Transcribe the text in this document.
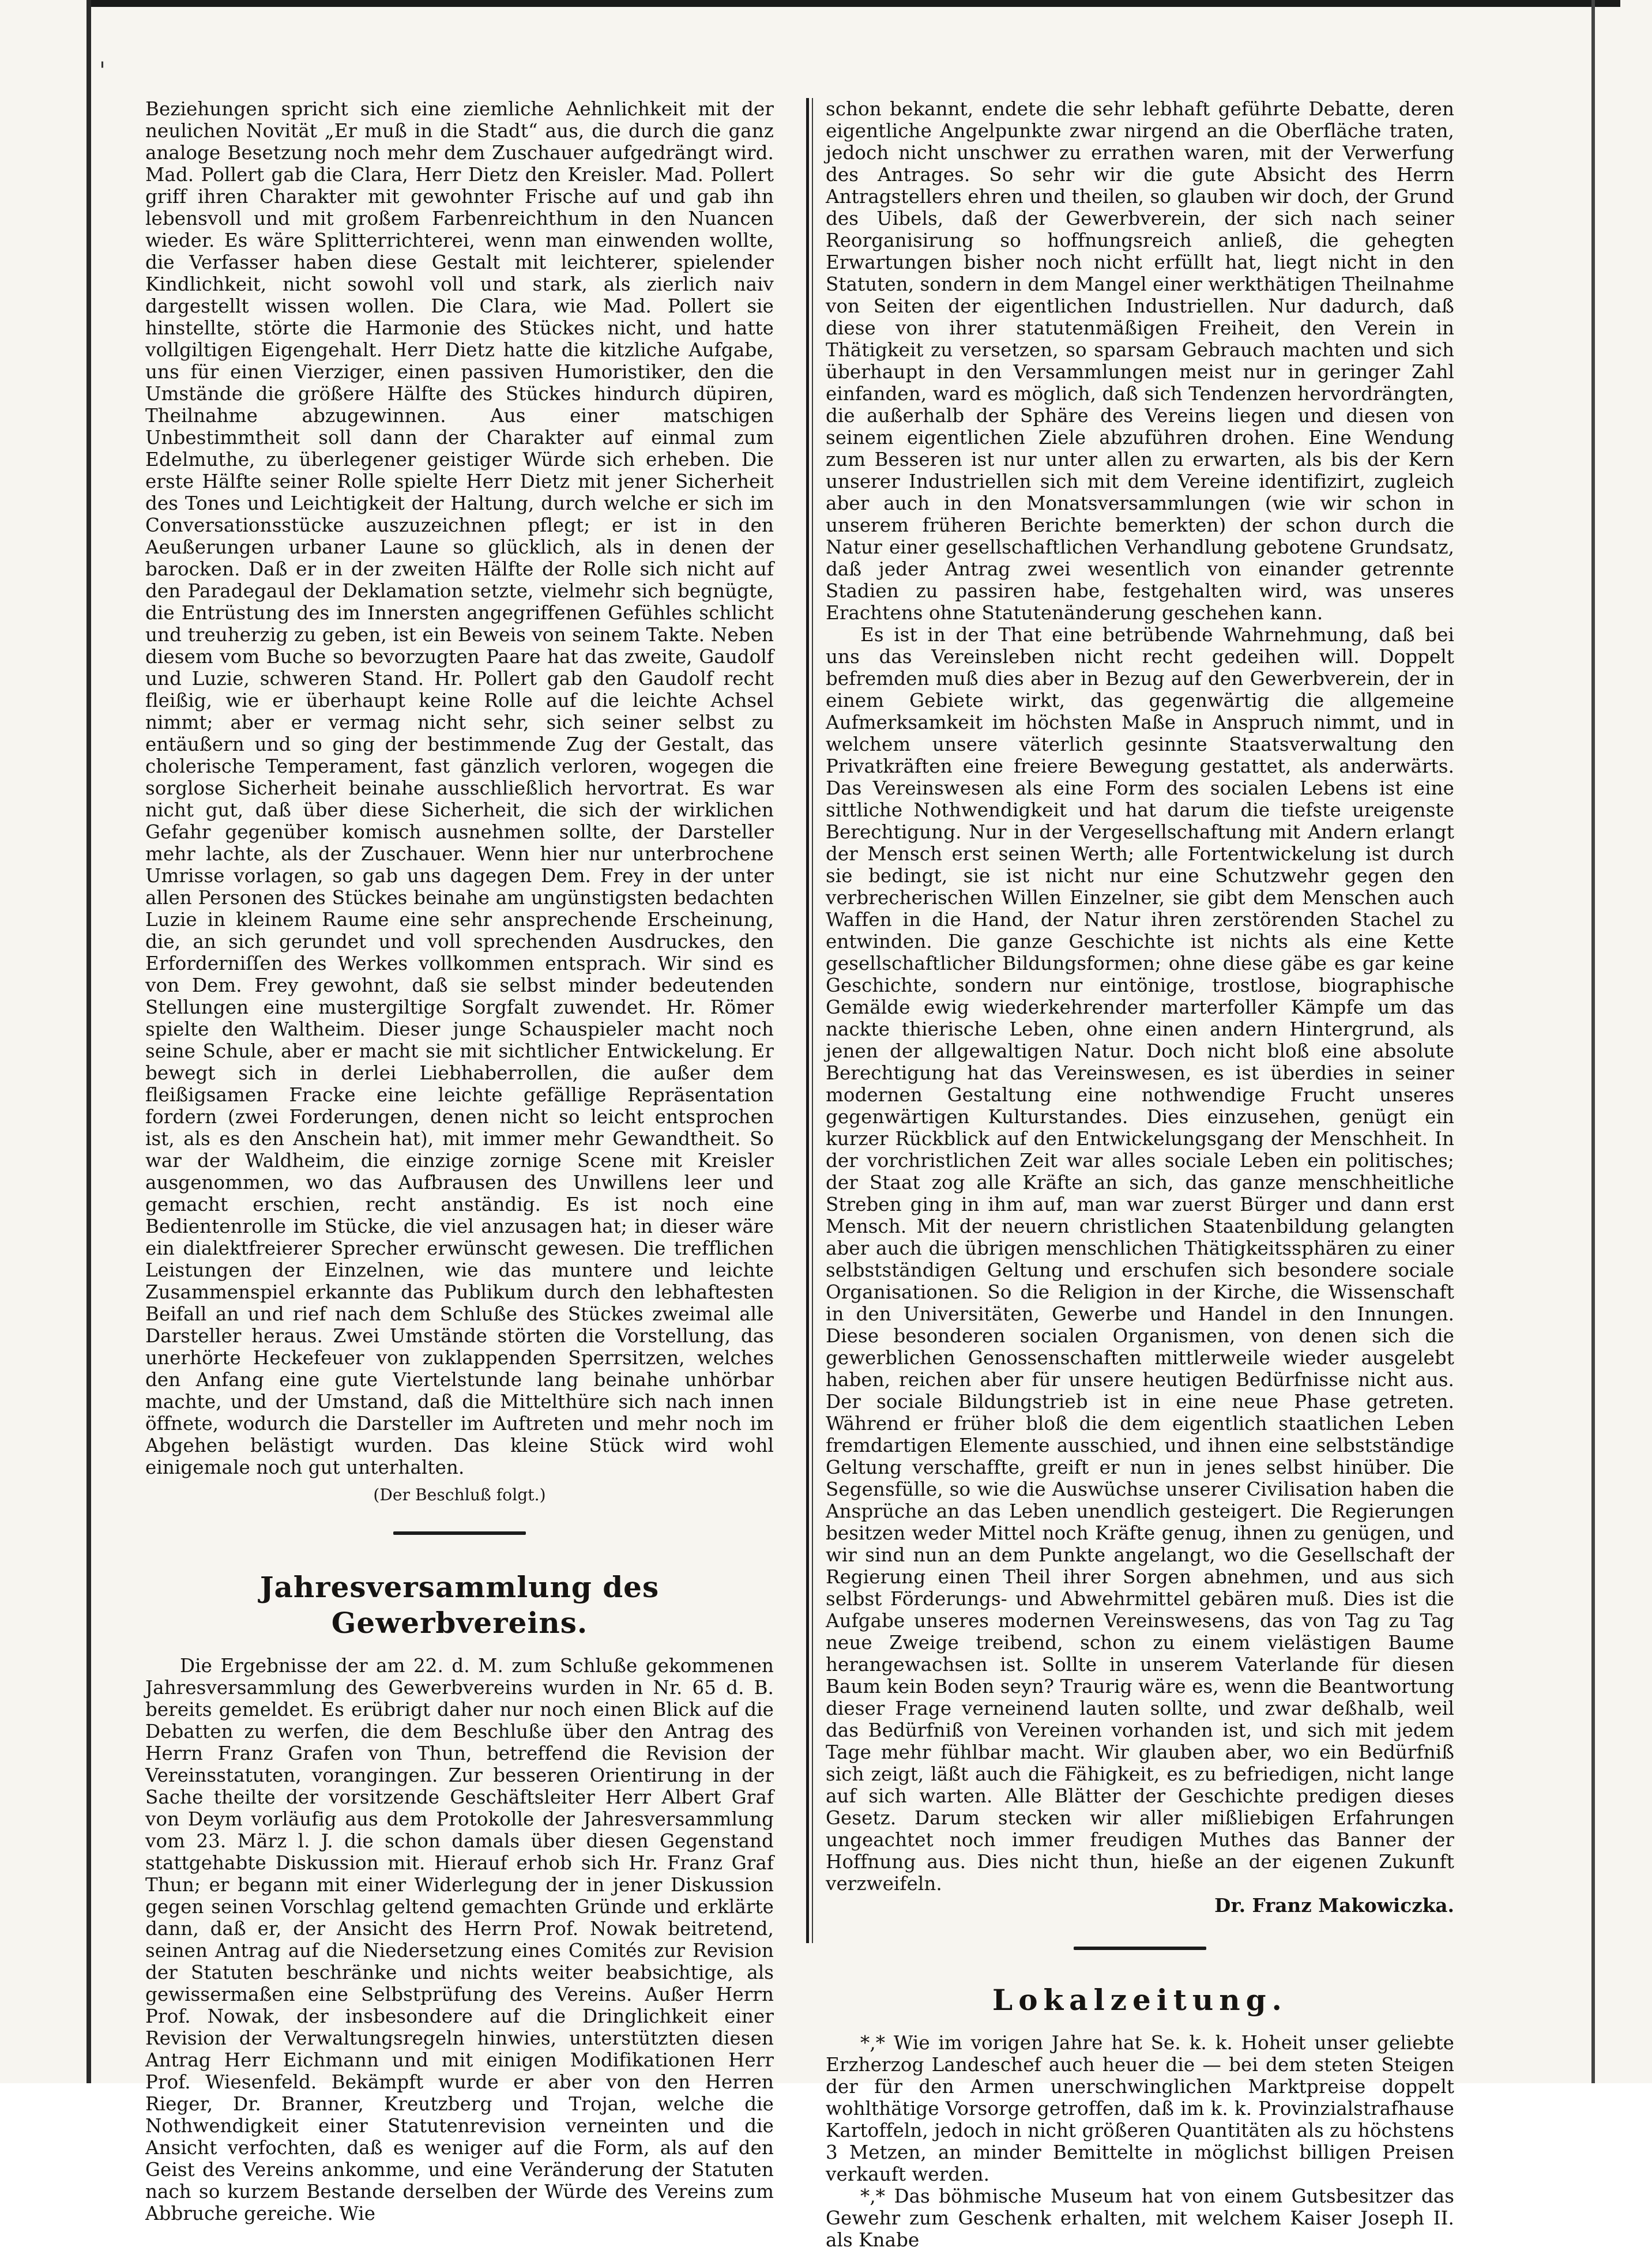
'

Beziehungen spricht sich eine ziemliche Aehnlichkeit mit der neulichen Novität „Er muß in die Stadt“ aus, die durch die ganz analoge Besetzung noch mehr dem Zuschauer aufgedrängt wird. Mad. Pollert gab die Clara, Herr Dietz den Kreisler. Mad. Pollert griff ihren Charakter mit gewohnter Frische auf und gab ihn lebensvoll und mit großem Farbenreichthum in den Nuancen wieder. Es wäre Splitterrichterei, wenn man einwenden wollte, die Verfasser haben diese Gestalt mit leichterer, spielender Kindlichkeit, nicht sowohl voll und stark, als zierlich naiv dargestellt wissen wollen. Die Clara, wie Mad. Pollert sie hinstellte, störte die Harmonie des Stückes nicht, und hatte vollgiltigen Eigengehalt. Herr Dietz hatte die kitzliche Aufgabe, uns für einen Vierziger, einen passiven Humoristiker, den die Umstände die größere Hälfte des Stückes hindurch düpiren, Theilnahme abzugewinnen. Aus einer matschigen Unbestimmtheit soll dann der Charakter auf einmal zum Edelmuthe, zu überlegener geistiger Würde sich erheben. Die erste Hälfte seiner Rolle spielte Herr Dietz mit jener Sicherheit des Tones und Leichtigkeit der Haltung, durch welche er sich im Conversationsstücke auszuzeichnen pflegt; er ist in den Aeußerungen urbaner Laune so glücklich, als in denen der barocken. Daß er in der zweiten Hälfte der Rolle sich nicht auf den Paradegaul der Deklamation setzte, vielmehr sich begnügte, die Entrüstung des im Innersten angegriffenen Gefühles schlicht und treuherzig zu geben, ist ein Beweis von seinem Takte. Neben diesem vom Buche so bevorzugten Paare hat das zweite, Gaudolf und Luzie, schweren Stand. Hr. Pollert gab den Gaudolf recht fleißig, wie er überhaupt keine Rolle auf die leichte Achsel nimmt; aber er vermag nicht sehr, sich seiner selbst zu entäußern und so ging der bestimmende Zug der Gestalt, das cholerische Temperament, fast gänzlich verloren, wogegen die sorglose Sicherheit beinahe ausschließlich hervortrat. Es war nicht gut, daß über diese Sicherheit, die sich der wirklichen Gefahr gegenüber komisch ausnehmen sollte, der Darsteller mehr lachte, als der Zuschauer. Wenn hier nur unterbrochene Umrisse vorlagen, so gab uns dagegen Dem. Frey in der unter allen Personen des Stückes beinahe am ungünstigsten bedachten Luzie in kleinem Raume eine sehr ansprechende Erscheinung, die, an sich gerundet und voll sprechenden Ausdruckes, den Erforderniſſen des Werkes vollkommen entsprach. Wir sind es von Dem. Frey gewohnt, daß sie selbst minder bedeutenden Stellungen eine mustergiltige Sorgfalt zuwendet. Hr. Römer spielte den Waltheim. Dieser junge Schauspieler macht noch seine Schule, aber er macht sie mit sichtlicher Entwickelung. Er bewegt sich in derlei Liebhaberrollen, die außer dem fleißigsamen Fracke eine leichte gefällige Repräsentation fordern (zwei Forderungen, denen nicht so leicht entsprochen ist, als es den Anschein hat), mit immer mehr Gewandtheit. So war der Waldheim, die einzige zornige Scene mit Kreisler ausgenommen, wo das Aufbrausen des Unwillens leer und gemacht erschien, recht anständig. Es ist noch eine Bedientenrolle im Stücke, die viel anzusagen hat; in dieser wäre ein dialektfreierer Sprecher erwünscht gewesen. Die trefflichen Leistungen der Einzelnen, wie das muntere und leichte Zusammenspiel erkannte das Publikum durch den lebhaftesten Beifall an und rief nach dem Schluße des Stückes zweimal alle Darsteller heraus. Zwei Umstände störten die Vorstellung, das unerhörte Heckefeuer von zuklappenden Sperrsitzen, welches den Anfang eine gute Viertelstunde lang beinahe unhörbar machte, und der Umstand, daß die Mittelthüre sich nach innen öffnete, wodurch die Darsteller im Auftreten und mehr noch im Abgehen belästigt wurden. Das kleine Stück wird wohl einigemale noch gut unterhalten.

(Der Beschluß folgt.)
Jahresversammlung des Gewerbvereins.

Die Ergebnisse der am 22. d. M. zum Schluße gekommenen Jahresversammlung des Gewerbvereins wurden in Nr. 65 d. B. bereits gemeldet. Es erübrigt daher nur noch einen Blick auf die Debatten zu werfen, die dem Beschluße über den Antrag des Herrn Franz Grafen von Thun, betreffend die Revision der Vereinsstatuten, vorangingen. Zur besseren Orientirung in der Sache theilte der vorsitzende Geschäftsleiter Herr Albert Graf von Deym vorläufig aus dem Protokolle der Jahresversammlung vom 23. März l. J. die schon damals über diesen Gegenstand stattgehabte Diskussion mit. Hierauf erhob sich Hr. Franz Graf Thun; er begann mit einer Widerlegung der in jener Diskussion gegen seinen Vorschlag geltend gemachten Gründe und erklärte dann, daß er, der Ansicht des Herrn Prof. Nowak beitretend, seinen Antrag auf die Niedersetzung eines Comités zur Revision der Statuten beschränke und nichts weiter beabsichtige, als gewissermaßen eine Selbstprüfung des Vereins. Außer Herrn Prof. Nowak, der insbesondere auf die Dringlichkeit einer Revision der Verwaltungsregeln hinwies, unterstützten diesen Antrag Herr Eichmann und mit einigen Modifikationen Herr Prof. Wiesenfeld. Bekämpft wurde er aber von den Herren Rieger, Dr. Branner, Kreutzberg und Trojan, welche die Nothwendigkeit einer Statutenrevision verneinten und die Ansicht verfochten, daß es weniger auf die Form, als auf den Geist des Vereins ankomme, und eine Veränderung der Statuten nach so kurzem Bestande derselben der Würde des Vereins zum Abbruche gereiche. Wie

schon bekannt, endete die sehr lebhaft geführte Debatte, deren eigentliche Angelpunkte zwar nirgend an die Oberfläche traten, jedoch nicht unschwer zu errathen waren, mit der Verwerfung des Antrages. So sehr wir die gute Absicht des Herrn Antragstellers ehren und theilen, so glauben wir doch, der Grund des Uibels, daß der Gewerbverein, der sich nach seiner Reorganisirung so hoffnungsreich anließ, die gehegten Erwartungen bisher noch nicht erfüllt hat, liegt nicht in den Statuten, sondern in dem Mangel einer werkthätigen Theilnahme von Seiten der eigentlichen Industriellen. Nur dadurch, daß diese von ihrer statutenmäßigen Freiheit, den Verein in Thätigkeit zu versetzen, so sparsam Gebrauch machten und sich überhaupt in den Versammlungen meist nur in geringer Zahl einfanden, ward es möglich, daß sich Tendenzen hervordrängten, die außerhalb der Sphäre des Vereins liegen und diesen von seinem eigentlichen Ziele abzuführen drohen. Eine Wendung zum Besseren ist nur unter allen zu erwarten, als bis der Kern unserer Industriellen sich mit dem Vereine identifizirt, zugleich aber auch in den Monatsversammlungen (wie wir schon in unserem früheren Berichte bemerkten) der schon durch die Natur einer gesellschaftlichen Verhandlung gebotene Grundsatz, daß jeder Antrag zwei wesentlich von einander getrennte Stadien zu passiren habe, festgehalten wird, was unseres Erachtens ohne Statutenänderung geschehen kann.

Es ist in der That eine betrübende Wahrnehmung, daß bei uns das Vereinsleben nicht recht gedeihen will. Doppelt befremden muß dies aber in Bezug auf den Gewerbverein, der in einem Gebiete wirkt, das gegenwärtig die allgemeine Aufmerksamkeit im höchsten Maße in Anspruch nimmt, und in welchem unsere väterlich gesinnte Staatsverwaltung den Privatkräften eine freiere Bewegung gestattet, als anderwärts. Das Vereinswesen als eine Form des socialen Lebens ist eine sittliche Nothwendigkeit und hat darum die tiefste ureigenste Berechtigung. Nur in der Vergesellschaftung mit Andern erlangt der Mensch erst seinen Werth; alle Fortentwickelung ist durch sie bedingt, sie ist nicht nur eine Schutzwehr gegen den verbrecherischen Willen Einzelner, sie gibt dem Menschen auch Waffen in die Hand, der Natur ihren zerstörenden Stachel zu entwinden. Die ganze Geschichte ist nichts als eine Kette gesellschaftlicher Bildungsformen; ohne diese gäbe es gar keine Geschichte, sondern nur eintönige, trostlose, biographische Gemälde ewig wiederkehrender marterfoller Kämpfe um das nackte thierische Leben, ohne einen andern Hintergrund, als jenen der allgewaltigen Natur. Doch nicht bloß eine absolute Berechtigung hat das Vereinswesen, es ist überdies in seiner modernen Gestaltung eine nothwendige Frucht unseres gegenwärtigen Kulturstandes. Dies einzusehen, genügt ein kurzer Rückblick auf den Entwickelungsgang der Menschheit. In der vorchristlichen Zeit war alles sociale Leben ein politisches; der Staat zog alle Kräfte an sich, das ganze menschheitliche Streben ging in ihm auf, man war zuerst Bürger und dann erst Mensch. Mit der neuern christlichen Staatenbildung gelangten aber auch die übrigen menschlichen Thätigkeitssphären zu einer selbstständigen Geltung und erschufen sich besondere sociale Organisationen. So die Religion in der Kirche, die Wissenschaft in den Universitäten, Gewerbe und Handel in den Innungen. Diese besonderen socialen Organismen, von denen sich die gewerblichen Genossenschaften mittlerweile wieder ausgelebt haben, reichen aber für unsere heutigen Bedürfnisse nicht aus. Der sociale Bildungstrieb ist in eine neue Phase getreten. Während er früher bloß die dem eigentlich staatlichen Leben fremdartigen Elemente ausschied, und ihnen eine selbstständige Geltung verschaffte, greift er nun in jenes selbst hinüber. Die Segensfülle, so wie die Auswüchse unserer Civilisation haben die Ansprüche an das Leben unendlich gesteigert. Die Regierungen besitzen weder Mittel noch Kräfte genug, ihnen zu genügen, und wir sind nun an dem Punkte angelangt, wo die Gesellschaft der Regierung einen Theil ihrer Sorgen abnehmen, und aus sich selbst Förderungs- und Abwehrmittel gebären muß. Dies ist die Aufgabe unseres modernen Vereinswesens, das von Tag zu Tag neue Zweige treibend, schon zu einem vielästigen Baume herangewachsen ist. Sollte in unserem Vaterlande für diesen Baum kein Boden seyn? Traurig wäre es, wenn die Beantwortung dieser Frage verneinend lauten sollte, und zwar deßhalb, weil das Bedürfniß von Vereinen vorhanden ist, und sich mit jedem Tage mehr fühlbar macht. Wir glauben aber, wo ein Bedürfniß sich zeigt, läßt auch die Fähigkeit, es zu befriedigen, nicht lange auf sich warten. Alle Blätter der Geschichte predigen dieses Gesetz. Darum stecken wir aller mißliebigen Erfahrungen ungeachtet noch immer freudigen Muthes das Banner der Hoffnung aus. Dies nicht thun, hieße an der eigenen Zukunft verzweifeln.

Dr. Franz Makowiczka.
Lokalzeitung.

*,* Wie im vorigen Jahre hat Se. k. k. Hoheit unser geliebte Erzherzog Landeschef auch heuer die — bei dem steten Steigen der für den Armen unerschwinglichen Marktpreise doppelt wohlthätige Vorsorge getroffen, daß im k. k. Provinzialstrafhause Kartoffeln, jedoch in nicht größeren Quantitäten als zu höchstens 3 Metzen, an minder Bemittelte in möglichst billigen Preisen verkauft werden.

*,* Das böhmische Museum hat von einem Gutsbesitzer das Gewehr zum Geschenk erhalten, mit welchem Kaiser Joseph II. als Knabe
